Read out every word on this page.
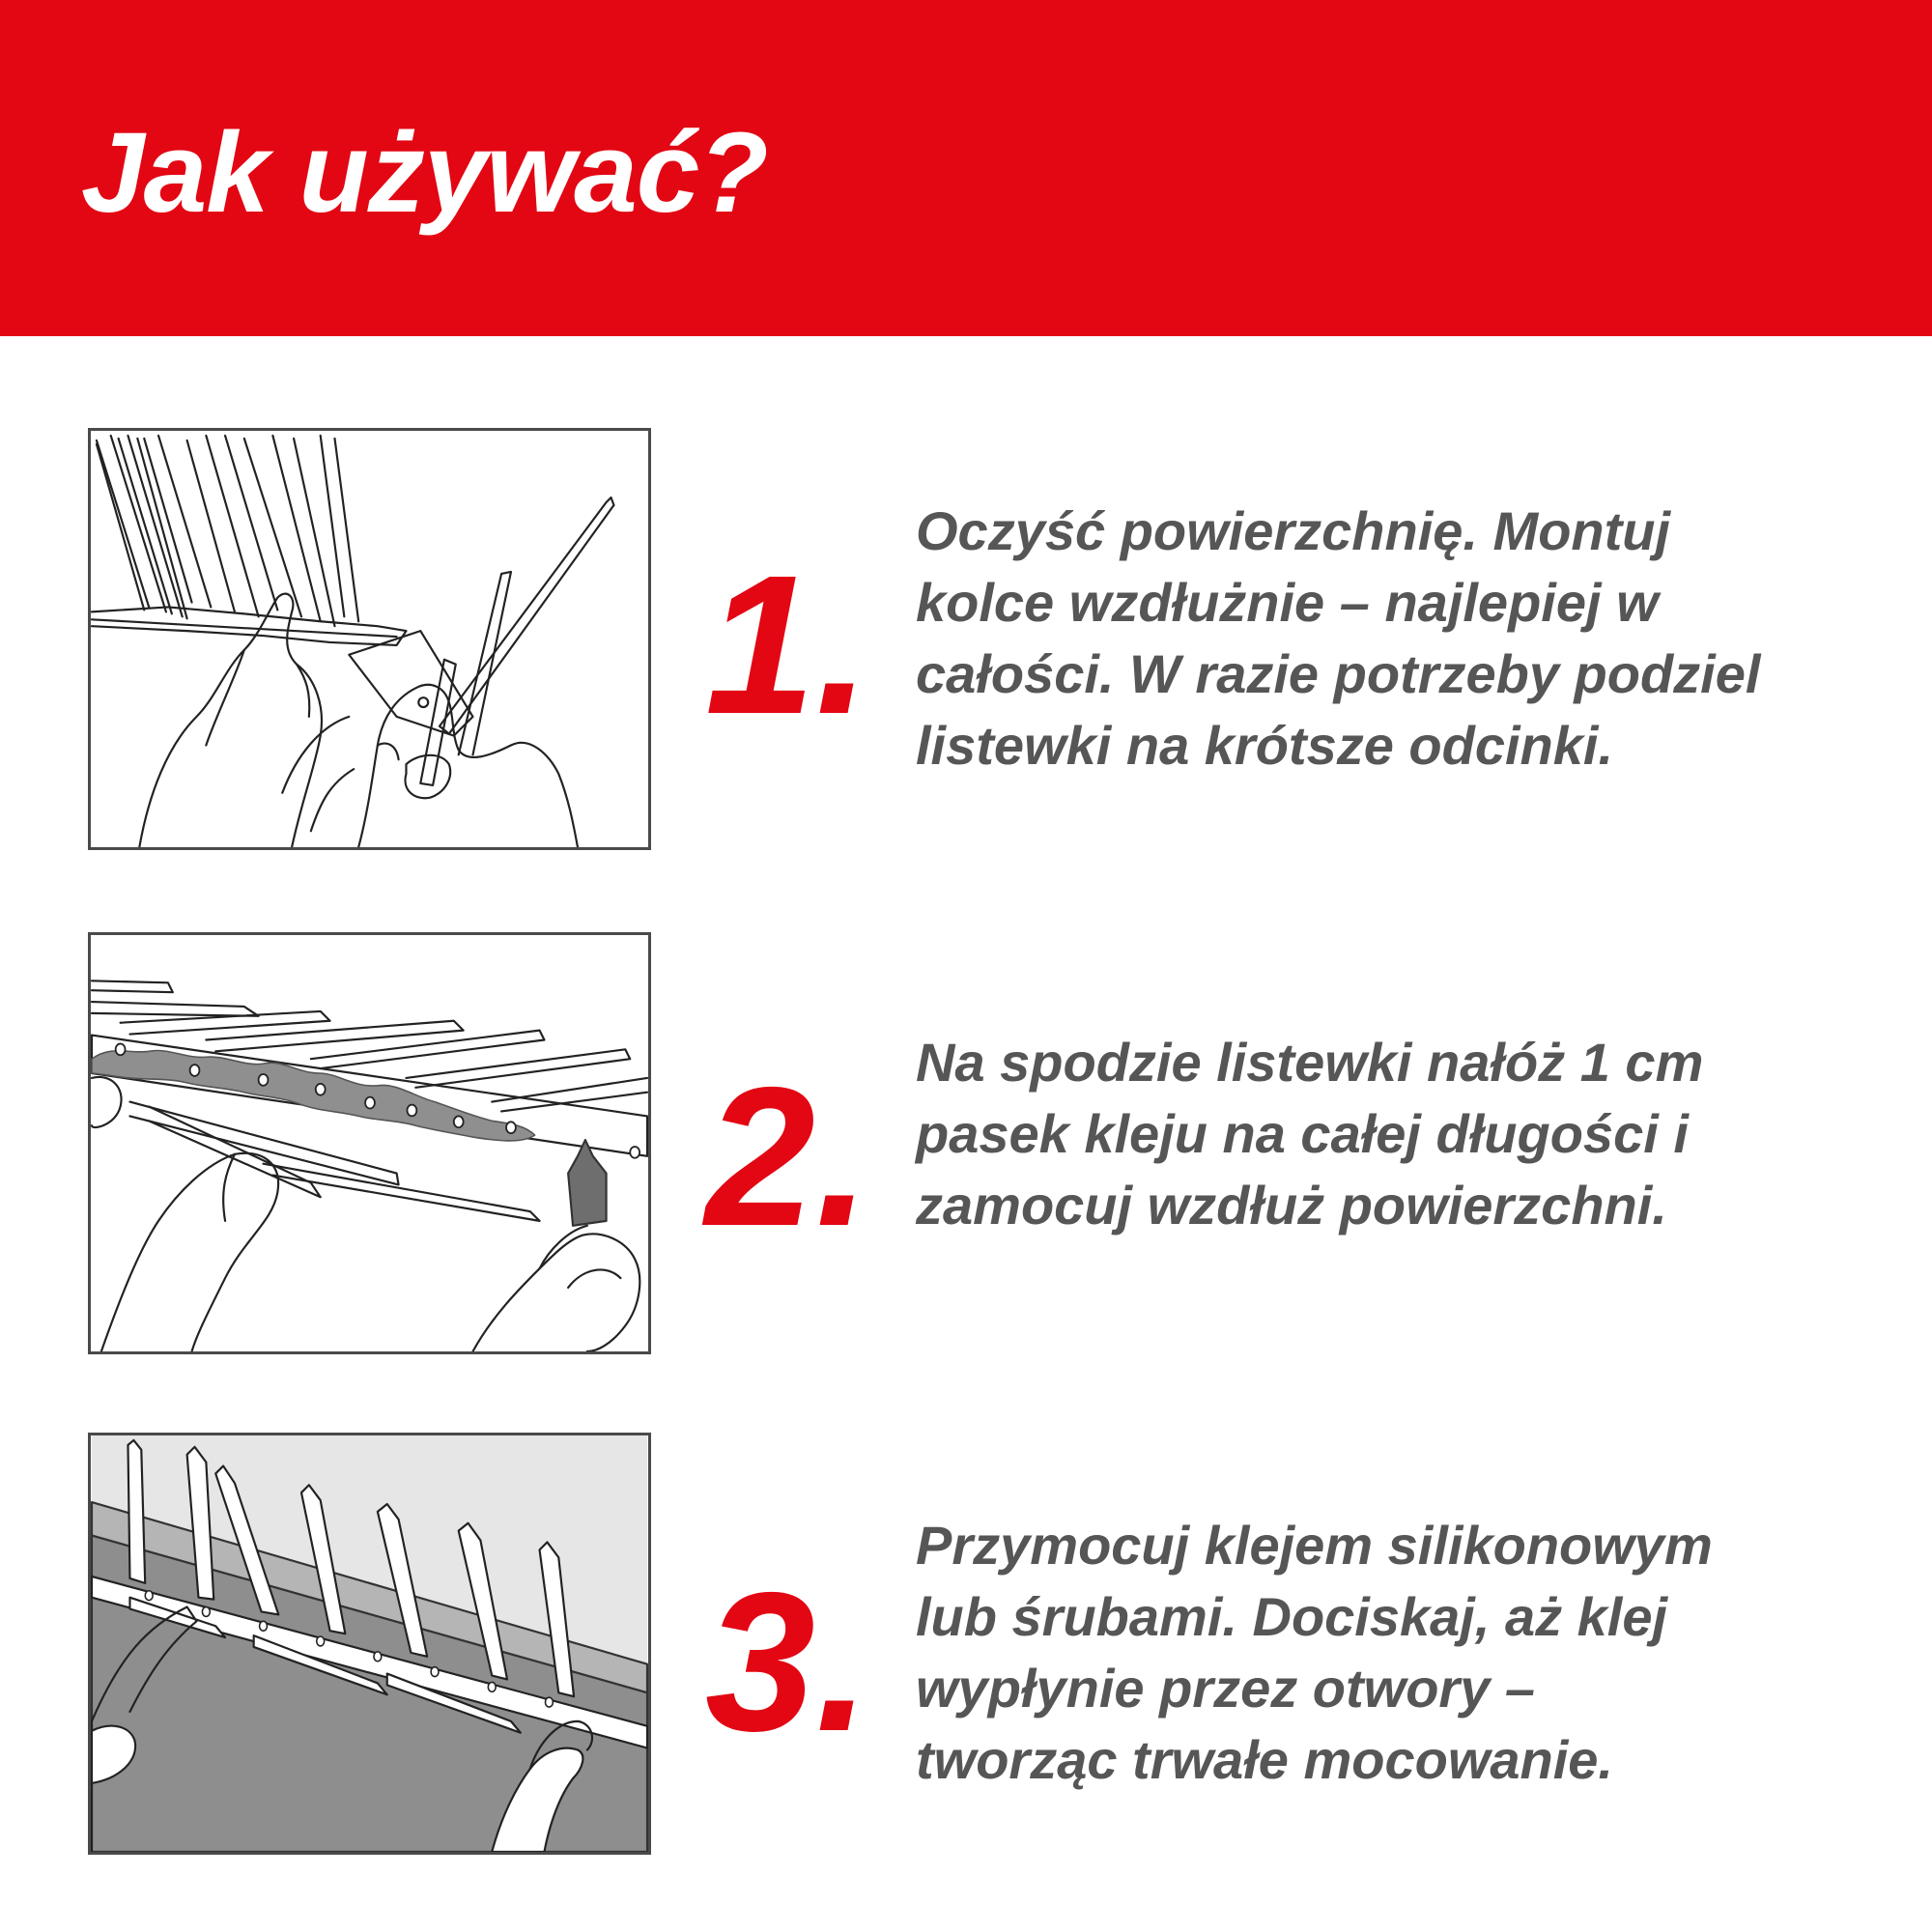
Jak używać?
1.
Oczyść powierzchnię. Montuj
kolce wzdłużnie – najlepiej w
całości. W razie potrzeby podziel
listewki na krótsze odcinki.
2. Na spodzie listewki nałóż 1 cm
pasek kleju na całej długości i
zamocuj wzdłuż powierzchni.
3.
Przymocuj klejem silikonowym
lub śrubami. Dociskaj, aż klej
wypłynie przez otwory –
tworząc trwałe mocowanie.
